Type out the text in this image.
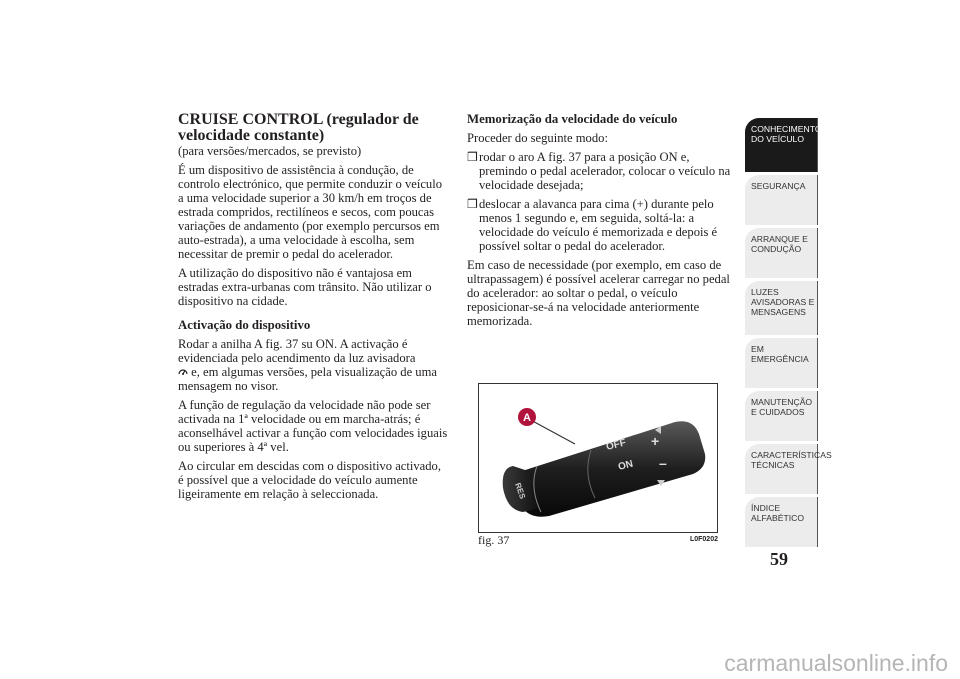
CRUISE CONTROL (regulador de velocidade constante)

(para versões/mercados, se previsto)

É um dispositivo de assistência à condução, de controlo electrónico, que permite conduzir o veículo a uma velocidade superior a 30 km/h em troços de estrada compridos, rectilíneos e secos, com poucas variações de andamento (por exemplo percursos em auto-estrada), a uma velocidade à escolha, sem necessitar de premir o pedal do acelerador.

A utilização do dispositivo não é vantajosa em estradas extra-urbanas com trânsito. Não utilizar o dispositivo na cidade.

Activação do dispositivo

Rodar a anilha A fig. 37 su ON. A activação é evidenciada pelo acendimento da luz avisadora
e, em algumas versões, pela visualização de uma mensagem no visor.

A função de regulação da velocidade não pode ser activada na 1ª velocidade ou em marcha-atrás; é aconselhável activar a função com velocidades iguais ou superiores à 4ª vel.

Ao circular em descidas com o dispositivo activado, é possível que a velocidade do veículo aumente ligeiramente em relação à seleccionada.

Memorização da velocidade do veículo

Proceder do seguinte modo:

❒ rodar o aro A fig. 37 para a posição ON e, premindo o pedal acelerador, colocar o veículo na velocidade desejada;
❒ deslocar a alavanca para cima (+) durante pelo menos 1 segundo e, em seguida, soltá-la: a velocidade do veículo é memorizada e depois é possível soltar o pedal do acelerador.

Em caso de necessidade (por exemplo, em caso de ultrapassagem) é possível acelerar carregar no pedal do acelerador: ao soltar o pedal, o veículo reposicionar-se-á na velocidade anteriormente memorizada.

A
OFF
ON
+
–
RES
fig. 37	L0F0202
CONHECIMENTO DO VEÍCULO
SEGURANÇA
ARRANQUE E CONDUÇÃO
LUZES AVISADORAS E MENSAGENS
EM EMERGÊNCIA
MANUTENÇÃO E CUIDADOS
CARACTERÍSTICAS TÉCNICAS
ÍNDICE ALFABÉTICO
59
carmanualsonline.info
